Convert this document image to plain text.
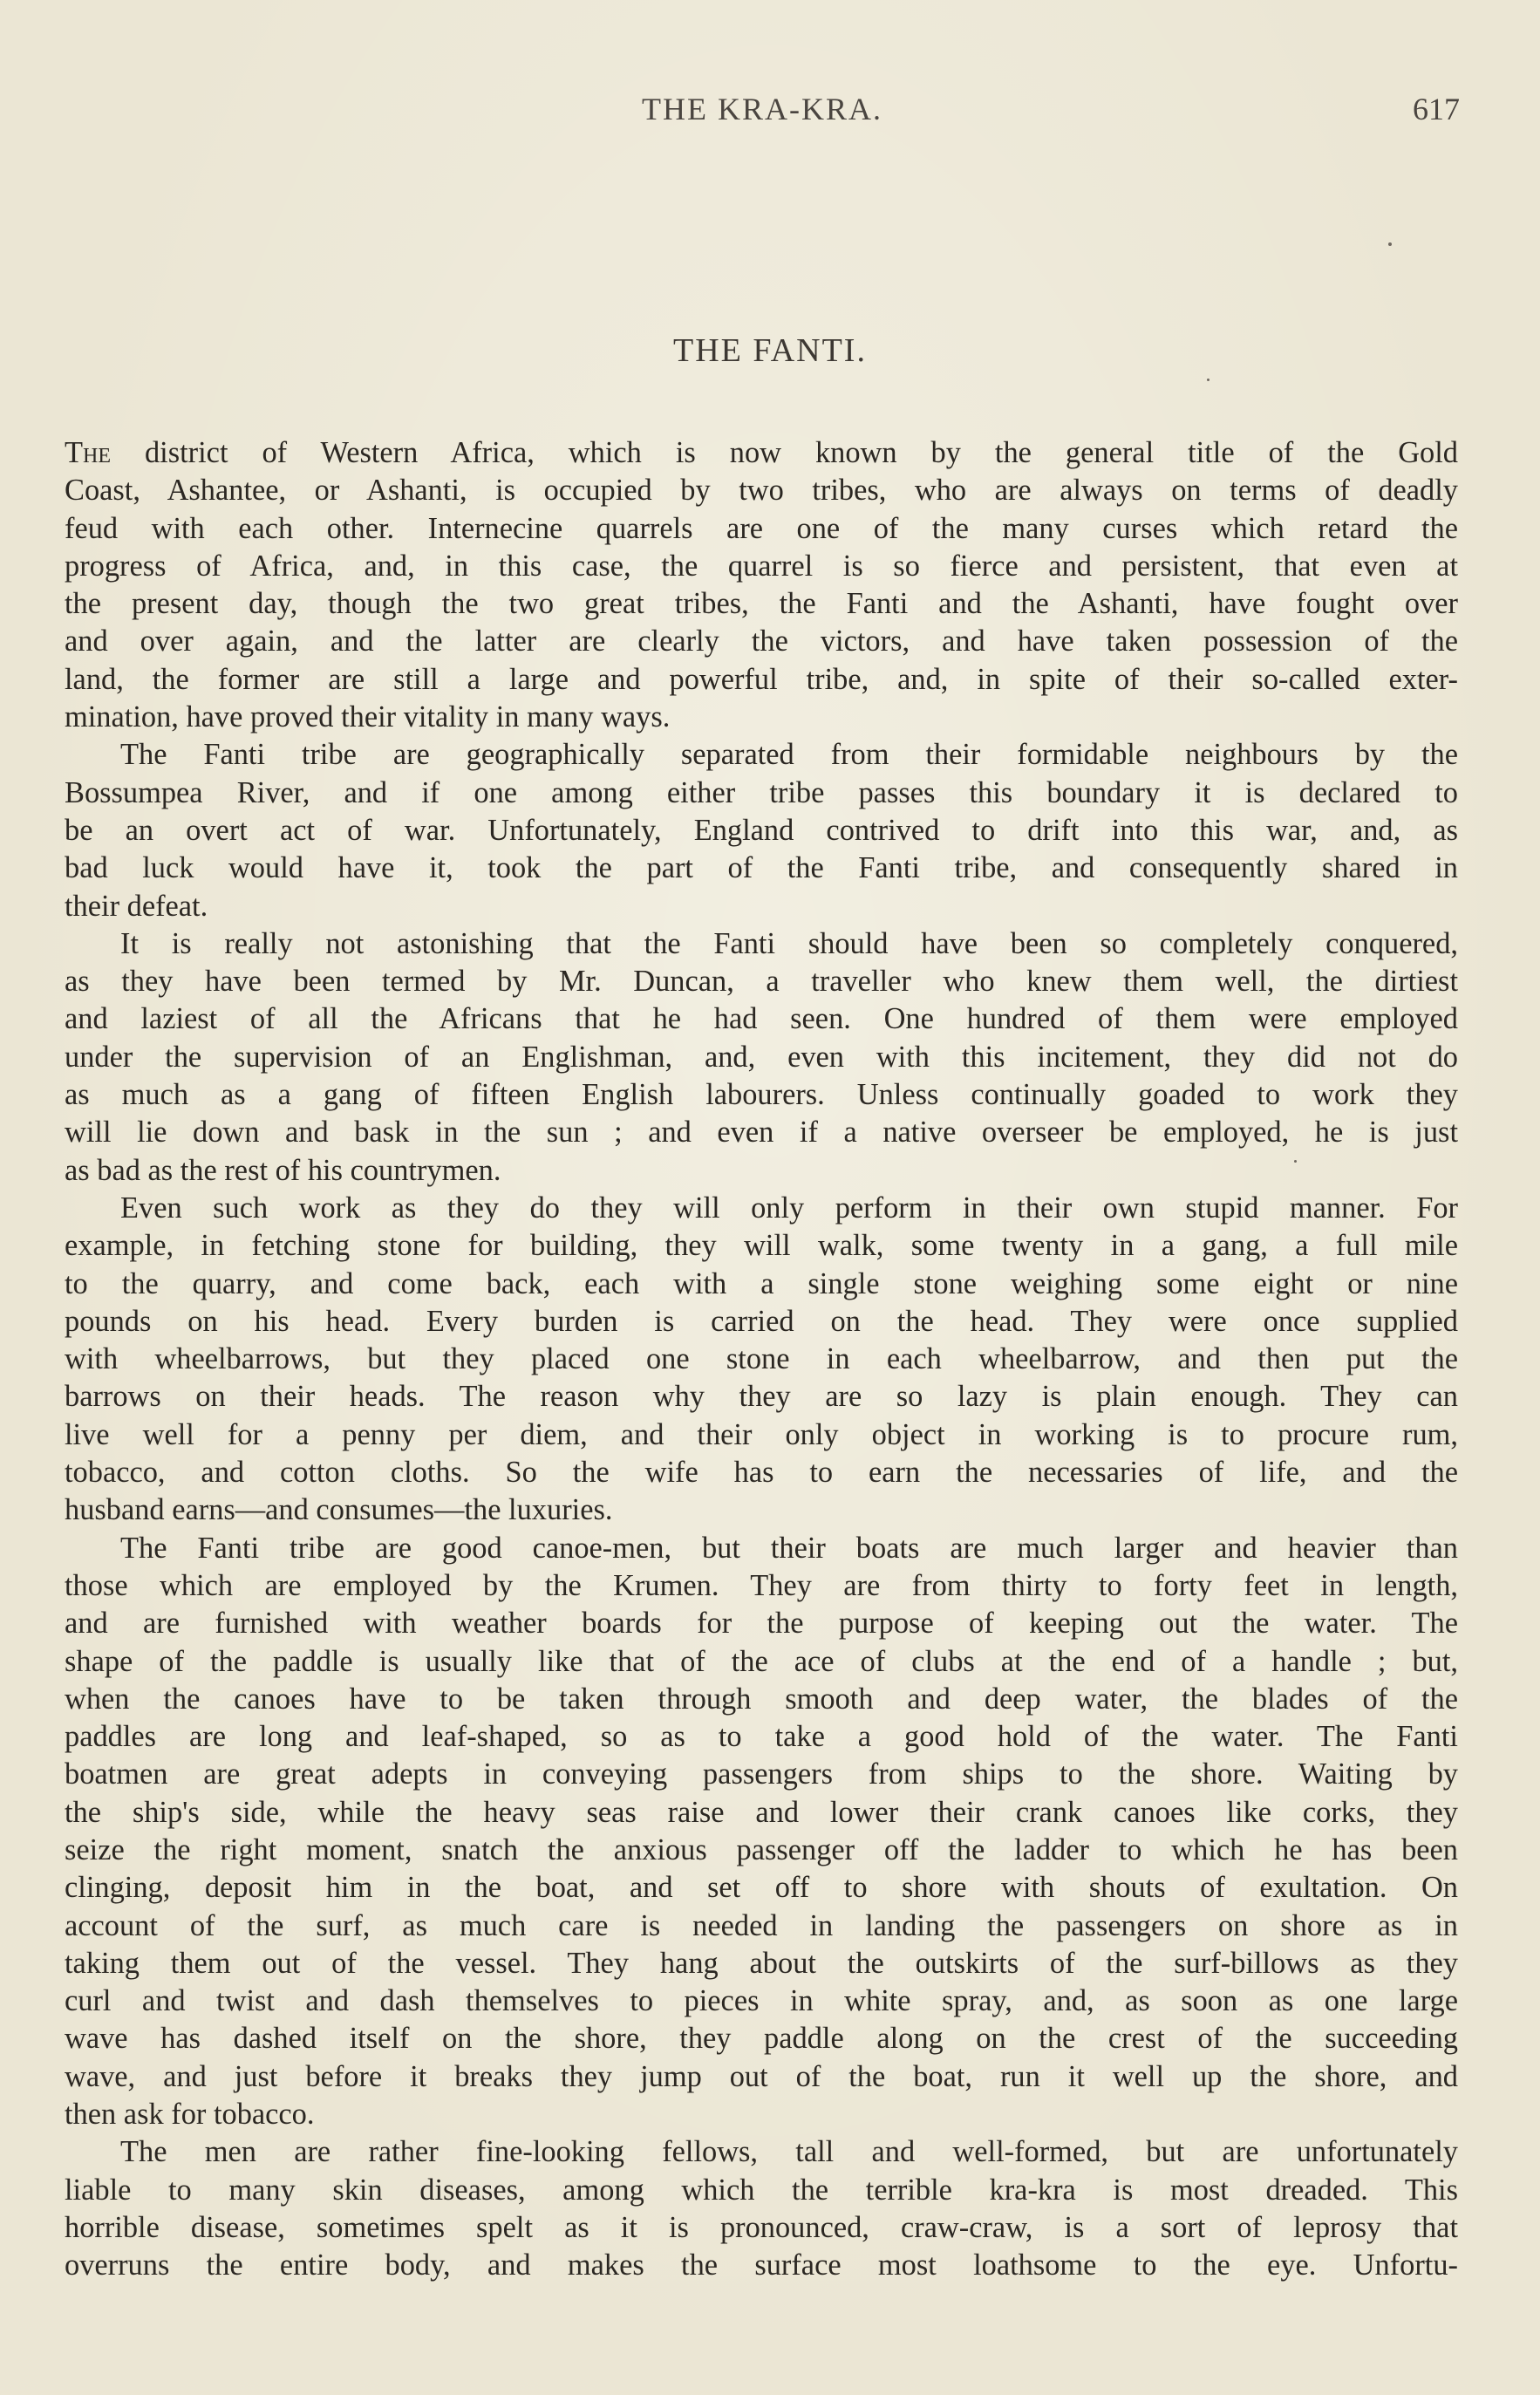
THE KRA-KRA.	617
THE FANTI.
The district of Western Africa, which is now known by the general title of the Gold
Coast, Ashantee, or Ashanti, is occupied by two tribes, who are always on terms of deadly
feud with each other. Internecine quarrels are one of the many curses which retard the
progress of Africa, and, in this case, the quarrel is so fierce and persistent, that even at
the present day, though the two great tribes, the Fanti and the Ashanti, have fought over
and over again, and the latter are clearly the victors, and have taken possession of the
land, the former are still a large and powerful tribe, and, in spite of their so-called exter-
mination, have proved their vitality in many ways.
The Fanti tribe are geographically separated from their formidable neighbours by the
Bossumpea River, and if one among either tribe passes this boundary it is declared to
be an overt act of war. Unfortunately, England contrived to drift into this war, and, as
bad luck would have it, took the part of the Fanti tribe, and consequently shared in
their defeat.
It is really not astonishing that the Fanti should have been so completely conquered,
as they have been termed by Mr. Duncan, a traveller who knew them well, the dirtiest
and laziest of all the Africans that he had seen. One hundred of them were employed
under the supervision of an Englishman, and, even with this incitement, they did not do
as much as a gang of fifteen English labourers. Unless continually goaded to work they
will lie down and bask in the sun ; and even if a native overseer be employed, he is just
as bad as the rest of his countrymen.
Even such work as they do they will only perform in their own stupid manner. For
example, in fetching stone for building, they will walk, some twenty in a gang, a full mile
to the quarry, and come back, each with a single stone weighing some eight or nine
pounds on his head. Every burden is carried on the head. They were once supplied
with wheelbarrows, but they placed one stone in each wheelbarrow, and then put the
barrows on their heads. The reason why they are so lazy is plain enough. They can
live well for a penny per diem, and their only object in working is to procure rum,
tobacco, and cotton cloths. So the wife has to earn the necessaries of life, and the
husband earns—and consumes—the luxuries.
The Fanti tribe are good canoe-men, but their boats are much larger and heavier than
those which are employed by the Krumen. They are from thirty to forty feet in length,
and are furnished with weather boards for the purpose of keeping out the water. The
shape of the paddle is usually like that of the ace of clubs at the end of a handle ; but,
when the canoes have to be taken through smooth and deep water, the blades of the
paddles are long and leaf-shaped, so as to take a good hold of the water. The Fanti
boatmen are great adepts in conveying passengers from ships to the shore. Waiting by
the ship's side, while the heavy seas raise and lower their crank canoes like corks, they
seize the right moment, snatch the anxious passenger off the ladder to which he has been
clinging, deposit him in the boat, and set off to shore with shouts of exultation. On
account of the surf, as much care is needed in landing the passengers on shore as in
taking them out of the vessel. They hang about the outskirts of the surf-billows as they
curl and twist and dash themselves to pieces in white spray, and, as soon as one large
wave has dashed itself on the shore, they paddle along on the crest of the succeeding
wave, and just before it breaks they jump out of the boat, run it well up the shore, and
then ask for tobacco.
The men are rather fine-looking fellows, tall and well-formed, but are unfortunately
liable to many skin diseases, among which the terrible kra-kra is most dreaded. This
horrible disease, sometimes spelt as it is pronounced, craw-craw, is a sort of leprosy that
overruns the entire body, and makes the surface most loathsome to the eye. Unfortu-
